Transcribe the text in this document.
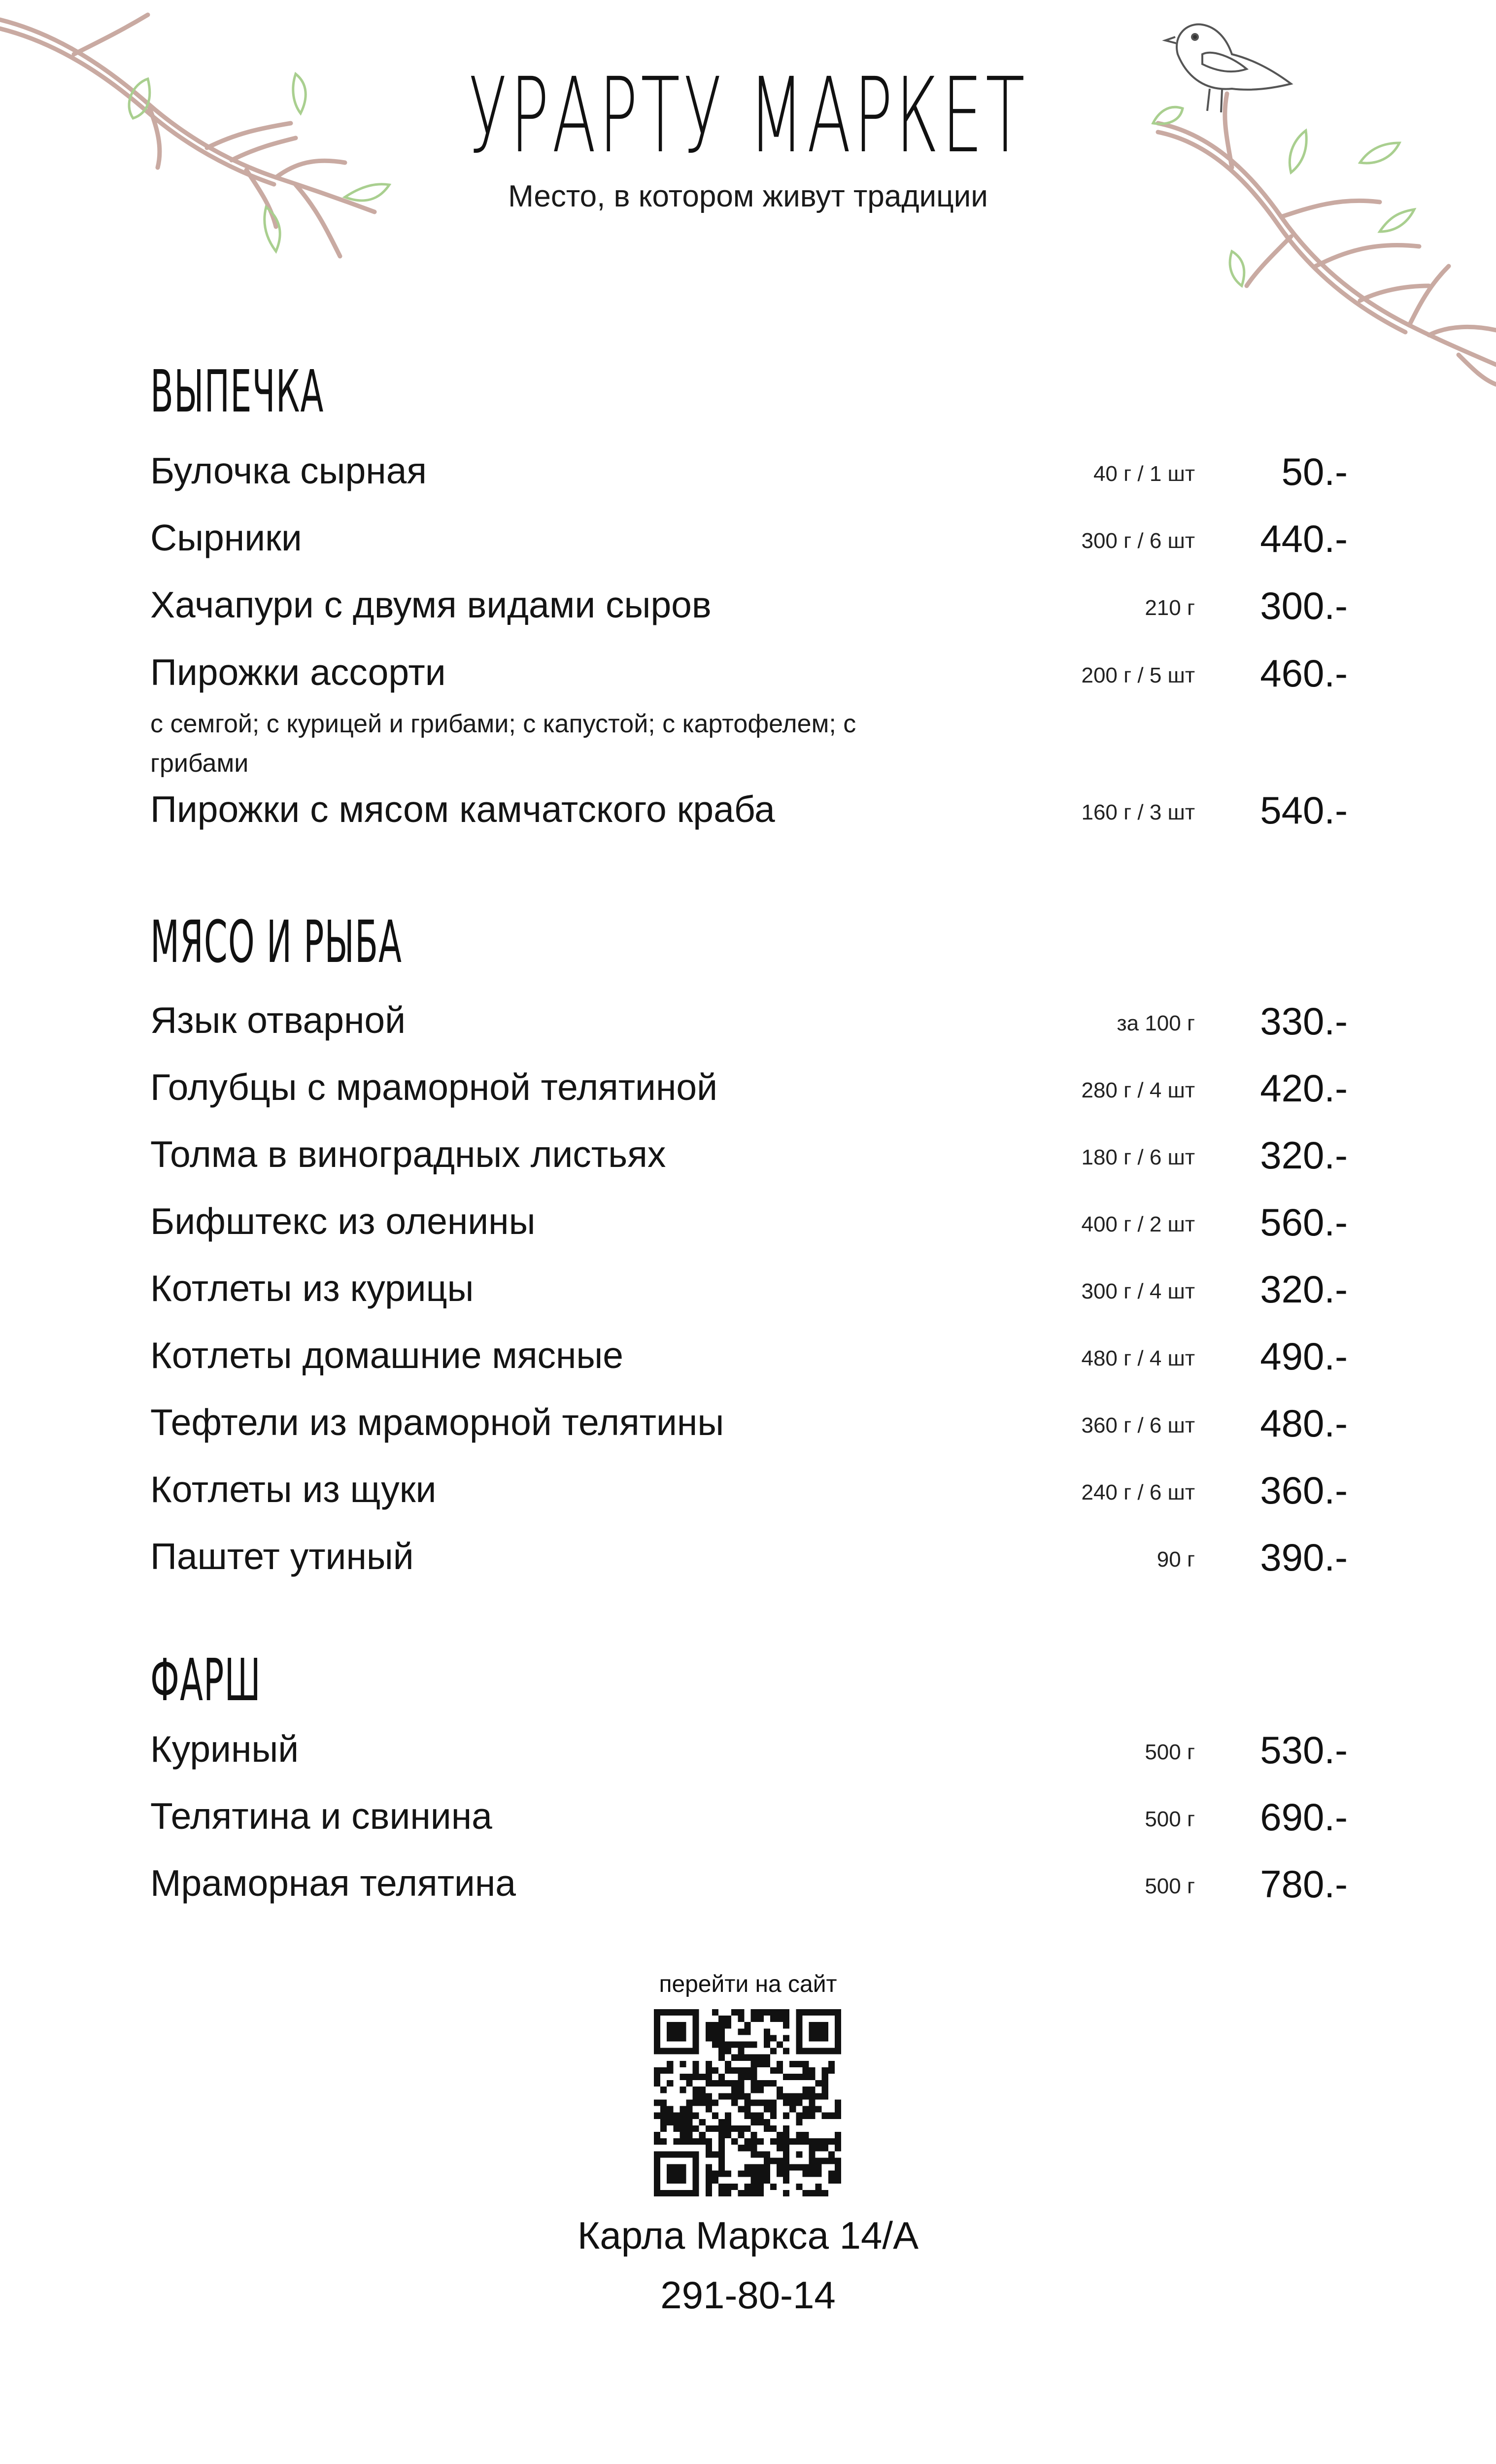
УРАРТУ МАРКЕТ
Место, в котором живут традиции
ВЫПЕЧКА
Булочка сырная	40 г / 1 шт 50.-
Сырники	300 г / 6 шт 440.-
Хачапури с двумя видами сыров	210 г 300.-
Пирожки ассорти	200 г / 5 шт 460.-
с семгой; с курицей и грибами; с капустой; с картофелем; с грибами
Пирожки с мясом камчатского краба	160 г / 3 шт 540.-
МЯСО И РЫБА
Язык отварной	за 100 г 330.-
Голубцы с мраморной телятиной	280 г / 4 шт 420.-
Толма в виноградных листьях	180 г / 6 шт 320.-
Бифштекс из оленины	400 г / 2 шт 560.-
Котлеты из курицы	300 г / 4 шт 320.-
Котлеты домашние мясные	480 г / 4 шт 490.-
Тефтели из мраморной телятины	360 г / 6 шт 480.-
Котлеты из щуки	240 г / 6 шт 360.-
Паштет утиный	90 г 390.-
ФАРШ
Куриный	500 г 530.-
Телятина и свинина	500 г 690.-
Мраморная телятина	500 г 780.-
перейти на сайт
Карла Маркса 14/А
291-80-14
